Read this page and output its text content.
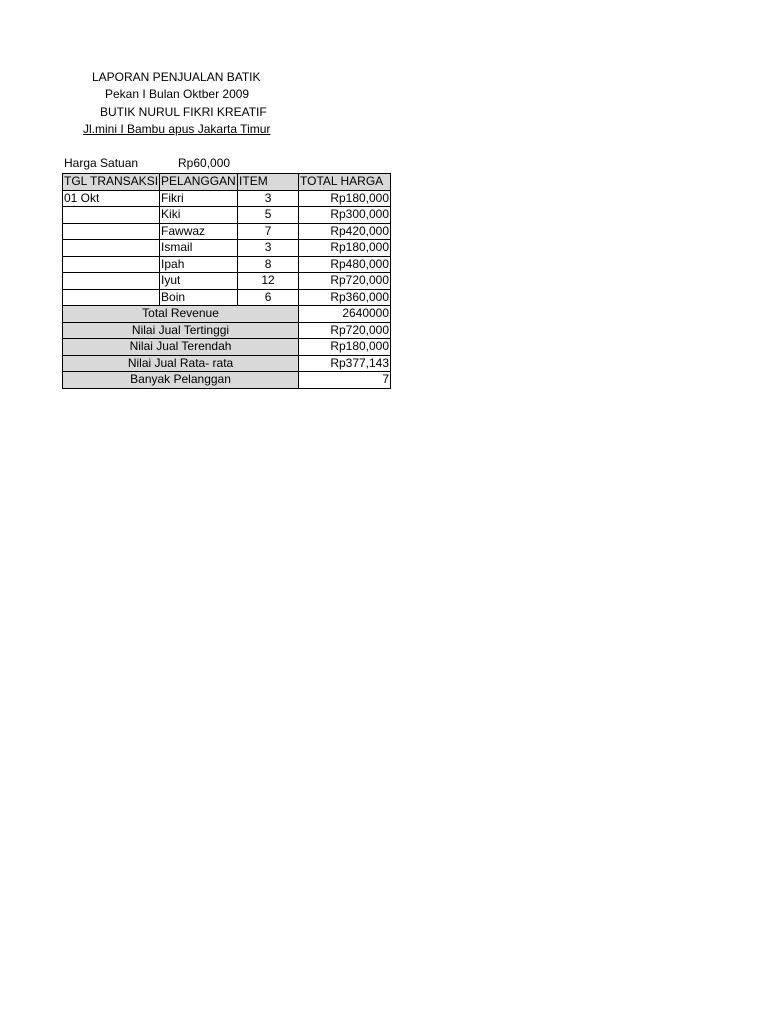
LAPORAN PENJUALAN BATIK
Pekan I Bulan Oktber 2009
BUTIK NURUL FIKRI KREATIF
Jl.mini I Bambu apus Jakarta Timur
Harga Satuan	Rp60,000
TGL TRANSAKSI	PELANGGAN	ITEM	TOTAL HARGA
01 Okt	Fikri	3	Rp180,000
	Kiki	5	Rp300,000
	Fawwaz	7	Rp420,000
	Ismail	3	Rp180,000
	Ipah	8	Rp480,000
	Iyut	12	Rp720,000
	Boin	6	Rp360,000
Total Revenue			2640000
Nilai Jual Tertinggi			Rp720,000
Nilai Jual Terendah			Rp180,000
Nilai Jual Rata- rata			Rp377,143
Banyak Pelanggan			7
